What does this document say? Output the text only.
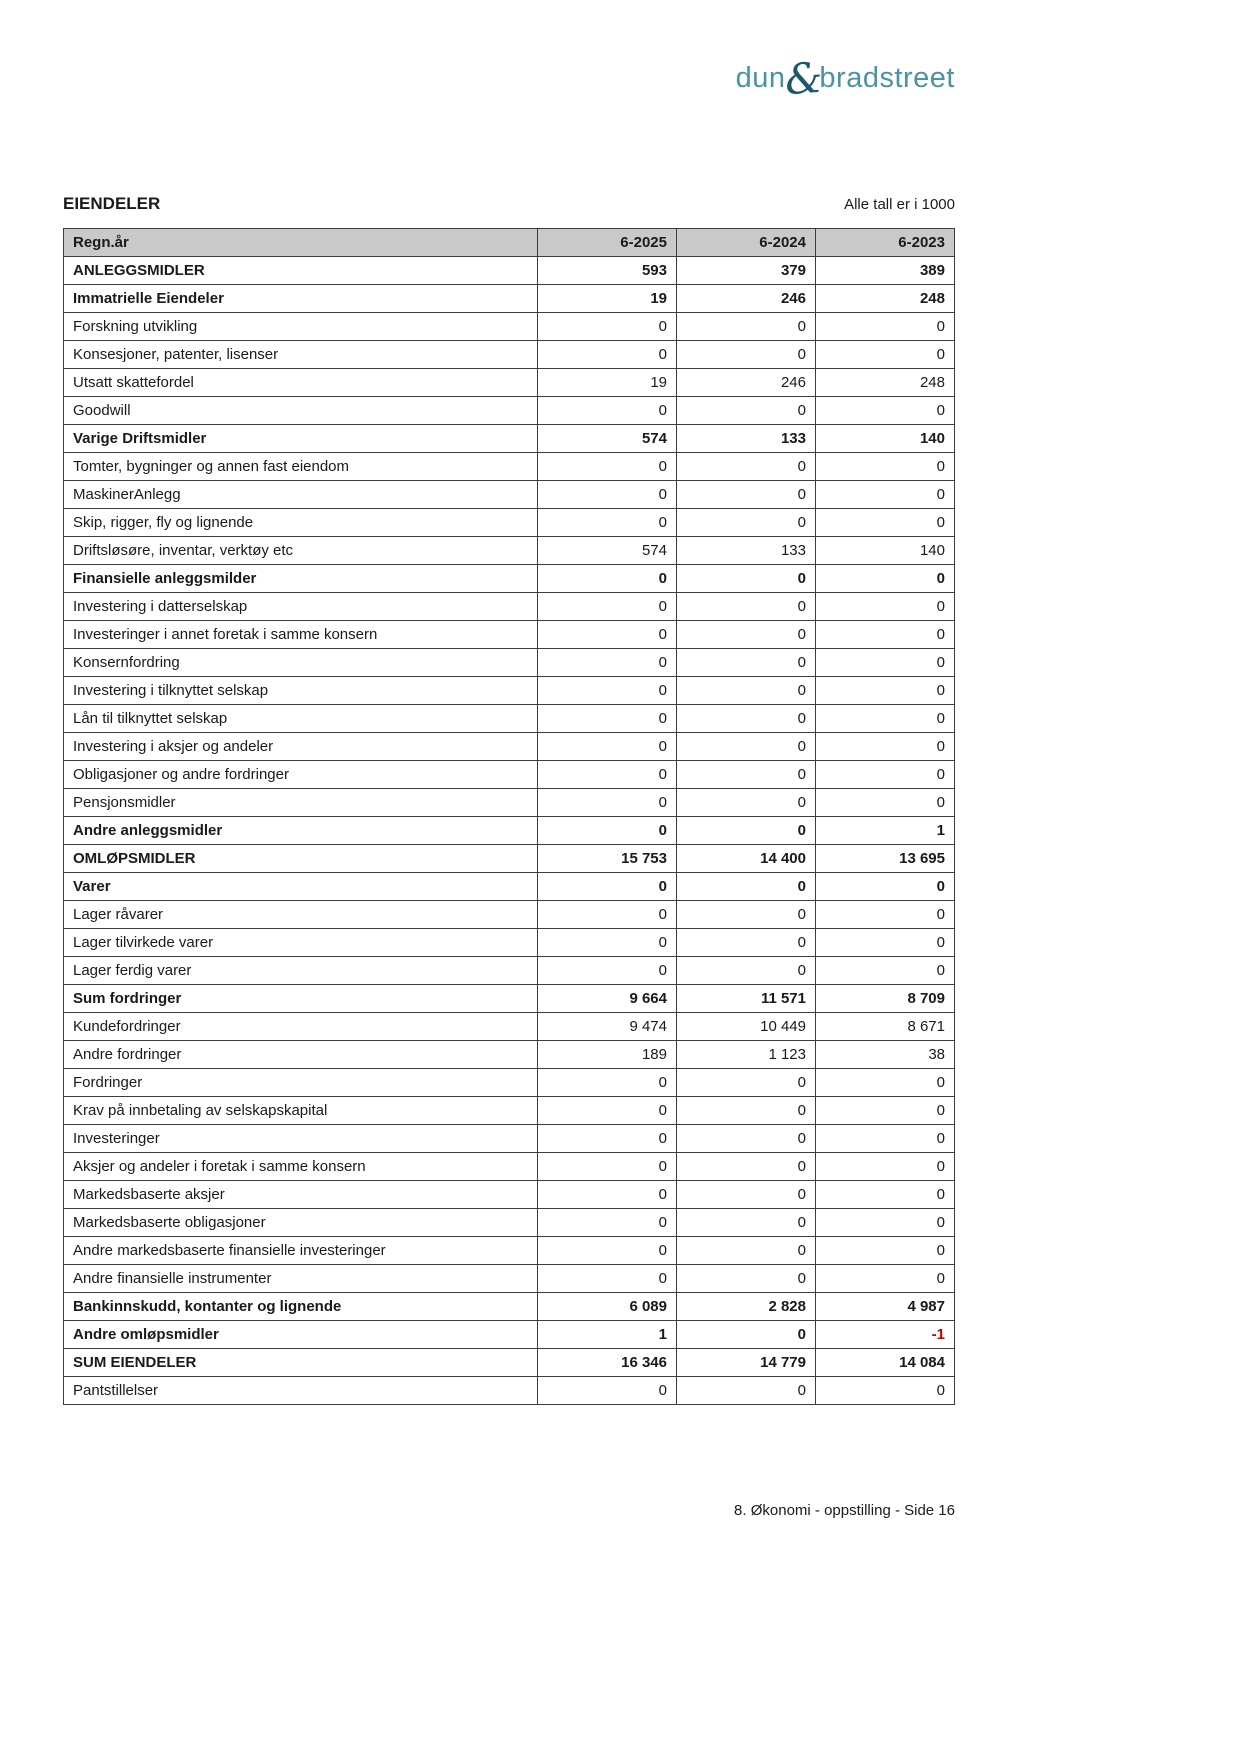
dun&bradstreet
EIENDELER	Alle tall er i 1000
Regn.år	6-2025	6-2024	6-2023
ANLEGGSMIDLER	593	379	389
Immatrielle Eiendeler	19	246	248
Forskning utvikling	0	0	0
Konsesjoner, patenter, lisenser	0	0	0
Utsatt skattefordel	19	246	248
Goodwill	0	0	0
Varige Driftsmidler	574	133	140
Tomter, bygninger og annen fast eiendom	0	0	0
MaskinerAnlegg	0	0	0
Skip, rigger, fly og lignende	0	0	0
Driftsløsøre, inventar, verktøy etc	574	133	140
Finansielle anleggsmilder	0	0	0
Investering i datterselskap	0	0	0
Investeringer i annet foretak i samme konsern	0	0	0
Konsernfordring	0	0	0
Investering i tilknyttet selskap	0	0	0
Lån til tilknyttet selskap	0	0	0
Investering i aksjer og andeler	0	0	0
Obligasjoner og andre fordringer	0	0	0
Pensjonsmidler	0	0	0
Andre anleggsmidler	0	0	1
OMLØPSMIDLER	15 753	14 400	13 695
Varer	0	0	0
Lager råvarer	0	0	0
Lager tilvirkede varer	0	0	0
Lager ferdig varer	0	0	0
Sum fordringer	9 664	11 571	8 709
Kundefordringer	9 474	10 449	8 671
Andre fordringer	189	1 123	38
Fordringer	0	0	0
Krav på innbetaling av selskapskapital	0	0	0
Investeringer	0	0	0
Aksjer og andeler i foretak i samme konsern	0	0	0
Markedsbaserte aksjer	0	0	0
Markedsbaserte obligasjoner	0	0	0
Andre markedsbaserte finansielle investeringer	0	0	0
Andre finansielle instrumenter	0	0	0
Bankinnskudd, kontanter og lignende	6 089	2 828	4 987
Andre omløpsmidler	1	0	-1
SUM EIENDELER	16 346	14 779	14 084
Pantstillelser	0	0	0
8. Økonomi - oppstilling - Side 16
